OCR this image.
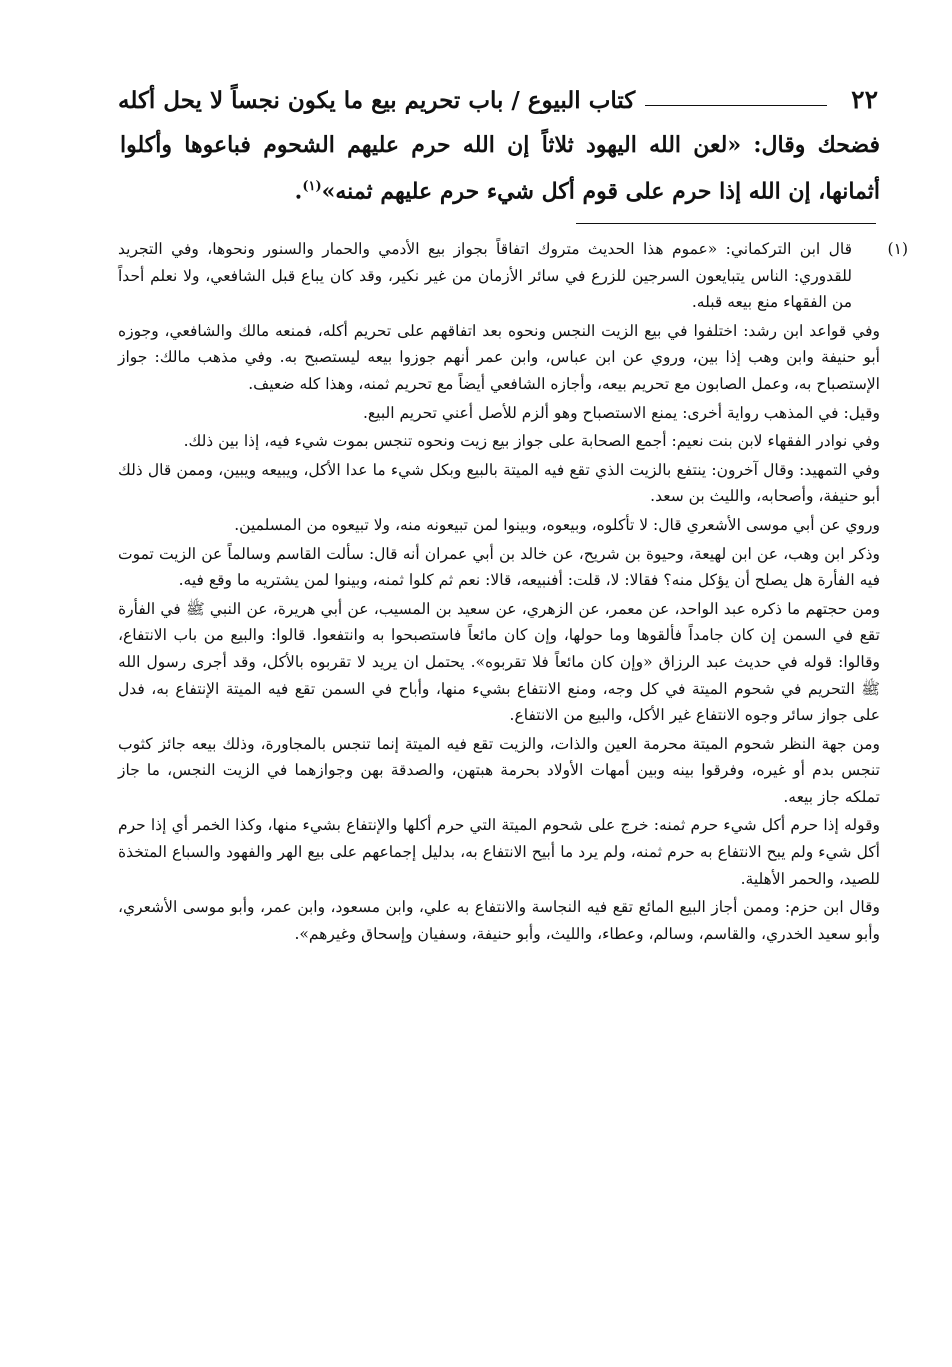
٢٢
كتاب البيوع / باب تحريم بيع ما يكون نجساً لا يحل أكله
فضحك وقال: «لعن الله اليهود ثلاثاً إن الله حرم عليهم الشحوم فباعوها وأكلوا أثمانها، إن الله إذا حرم على قوم أكل شيء حرم عليهم ثمنه»$^{(١)}$.

(١)قال ابن التركماني: «عموم هذا الحديث متروك اتفاقاً بجواز بيع الأدمي والحمار والسنور ونحوها، وفي التجريد للقدوري: الناس يتبايعون السرجين للزرع في سائر الأزمان من غير نكير، وقد كان يباع قبل الشافعي، ولا نعلم أحداً من الفقهاء منع بيعه قبله.

وفي قواعد ابن رشد: اختلفوا في بيع الزيت النجس ونحوه بعد اتفاقهم على تحريم أكله، فمنعه مالك والشافعي، وجوزه أبو حنيفة وابن وهب إذا بين، وروي عن ابن عباس، وابن عمر أنهم جوزوا بيعه ليستصبح به. وفي مذهب مالك: جواز الإستصباح به، وعمل الصابون مع تحريم بيعه، وأجازه الشافعي أيضاً مع تحريم ثمنه، وهذا كله ضعيف.

وقيل: في المذهب رواية أخرى: يمنع الاستصباح وهو ألزم للأصل أعني تحريم البيع.

وفي نوادر الفقهاء لابن بنت نعيم: أجمع الصحابة على جواز بيع زيت ونحوه تنجس بموت شيء فيه، إذا بين ذلك.

وفي التمهيد: وقال آخرون: ينتفع بالزيت الذي تقع فيه الميتة بالبيع وبكل شيء ما عدا الأكل، ويبيعه ويبين، وممن قال ذلك أبو حنيفة، وأصحابه، والليث بن سعد.

وروي عن أبي موسى الأشعري قال: لا تأكلوه، وبيعوه، وبينوا لمن تبيعونه منه، ولا تبيعوه من المسلمين.

وذكر ابن وهب، عن ابن لهيعة، وحيوة بن شريح، عن خالد بن أبي عمران أنه قال: سألت القاسم وسالماً عن الزيت تموت فيه الفأرة هل يصلح أن يؤكل منه؟ فقالا: لا، قلت: أفنبيعه، قالا: نعم ثم كلوا ثمنه، وبينوا لمن يشتريه ما وقع فيه.

ومن حجتهم ما ذكره عبد الواحد، عن معمر، عن الزهري، عن سعيد بن المسيب، عن أبي هريرة، عن النبي ﷺ في الفأرة تقع في السمن إن كان جامداً فألقوها وما حولها، وإن كان مائعاً فاستصبحوا به وانتفعوا. قالوا: والبيع من باب الانتفاع، وقالوا: قوله في حديث عبد الرزاق «وإن كان مائعاً فلا تقربوه». يحتمل ان يريد لا تقربوه بالأكل، وقد أجرى رسول الله ﷺ التحريم في شحوم الميتة في كل وجه، ومنع الانتفاع بشيء منها، وأباح في السمن تقع فيه الميتة الإنتفاع به، فدل على جواز سائر وجوه الانتفاع غير الأكل، والبيع من الانتفاع.

ومن جهة النظر شحوم الميتة محرمة العين والذات، والزيت تقع فيه الميتة إنما تنجس بالمجاورة، وذلك بيعه جائز كثوب تنجس بدم أو غيره، وفرقوا بينه وبين أمهات الأولاد بحرمة هبتهن، والصدقة بهن وجوازهما في الزيت النجس، ما جاز تملكه جاز بيعه.

وقوله إذا حرم أكل شيء حرم ثمنه: خرج على شحوم الميتة التي حرم أكلها والإنتفاع بشيء منها، وكذا الخمر أي إذا حرم أكل شيء ولم يبح الانتفاع به حرم ثمنه، ولم يرد ما أبيح الانتفاع به، بدليل إجماعهم على بيع الهر والفهود والسباع المتخذة للصيد، والحمر الأهلية.

وقال ابن حزم: وممن أجاز البيع المائع تقع فيه النجاسة والانتفاع به علي، وابن مسعود، وابن عمر، وأبو موسى الأشعري، وأبو سعيد الخدري، والقاسم، وسالم، وعطاء، والليث، وأبو حنيفة، وسفيان وإسحاق وغيرهم».
